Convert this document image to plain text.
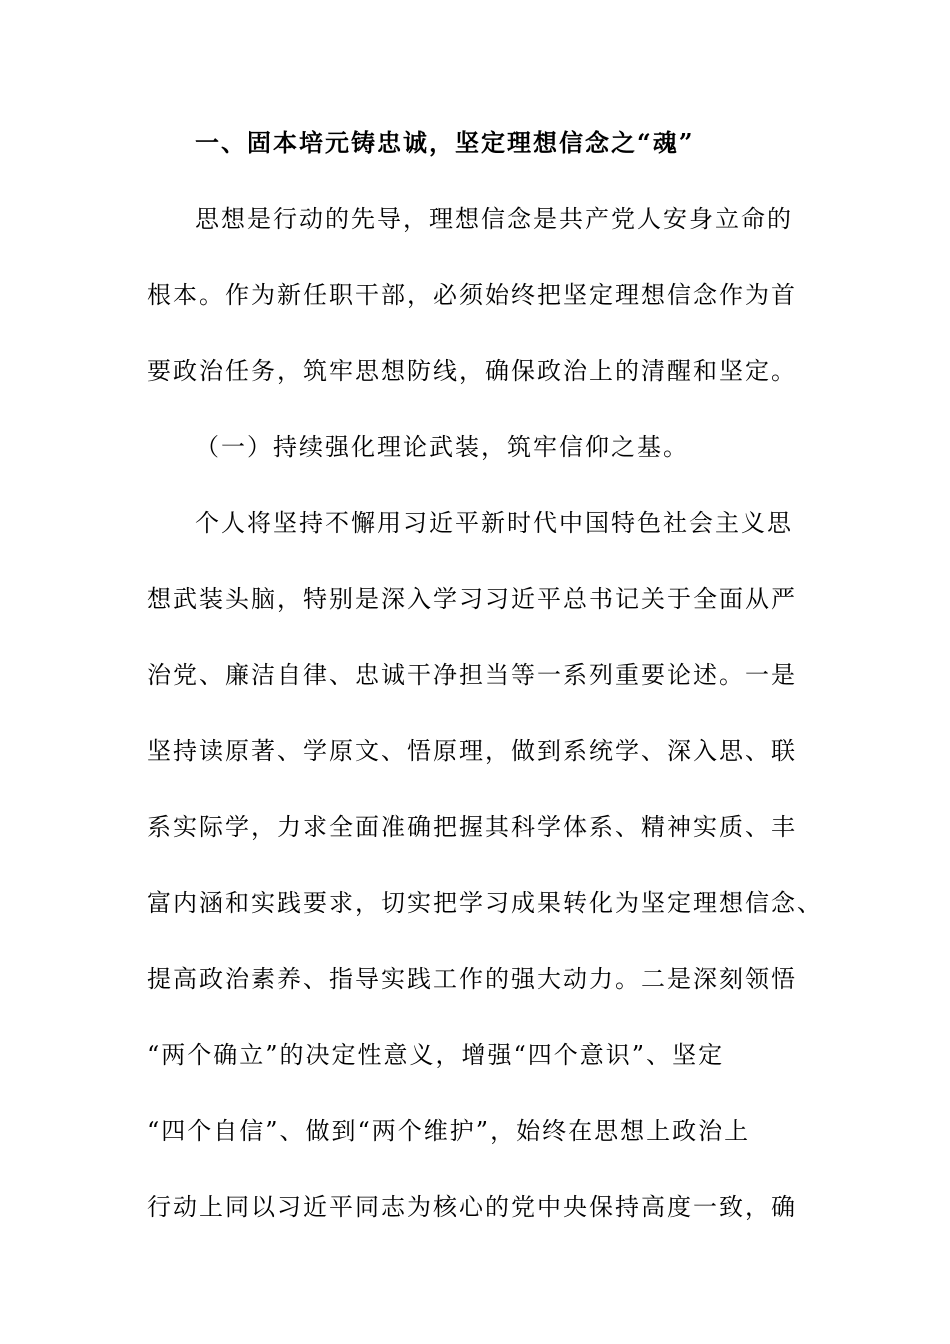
一、固本培元铸忠诚，坚定理想信念之“魂”
思想是行动的先导，理想信念是共产党人安身立命的
根本。作为新任职干部，必须始终把坚定理想信念作为首
要政治任务，筑牢思想防线，确保政治上的清醒和坚定。
（一）持续强化理论武装，筑牢信仰之基。
个人将坚持不懈用习近平新时代中国特色社会主义思
想武装头脑，特别是深入学习习近平总书记关于全面从严
治党、廉洁自律、忠诚干净担当等一系列重要论述。一是
坚持读原著、学原文、悟原理，做到系统学、深入思、联
系实际学，力求全面准确把握其科学体系、精神实质、丰
富内涵和实践要求，切实把学习成果转化为坚定理想信念、
提高政治素养、指导实践工作的强大动力。二是深刻领悟
“两个确立”的决定性意义，增强“四个意识”、坚定
“四个自信”、做到“两个维护”，始终在思想上政治上
行动上同以习近平同志为核心的党中央保持高度一致，确
